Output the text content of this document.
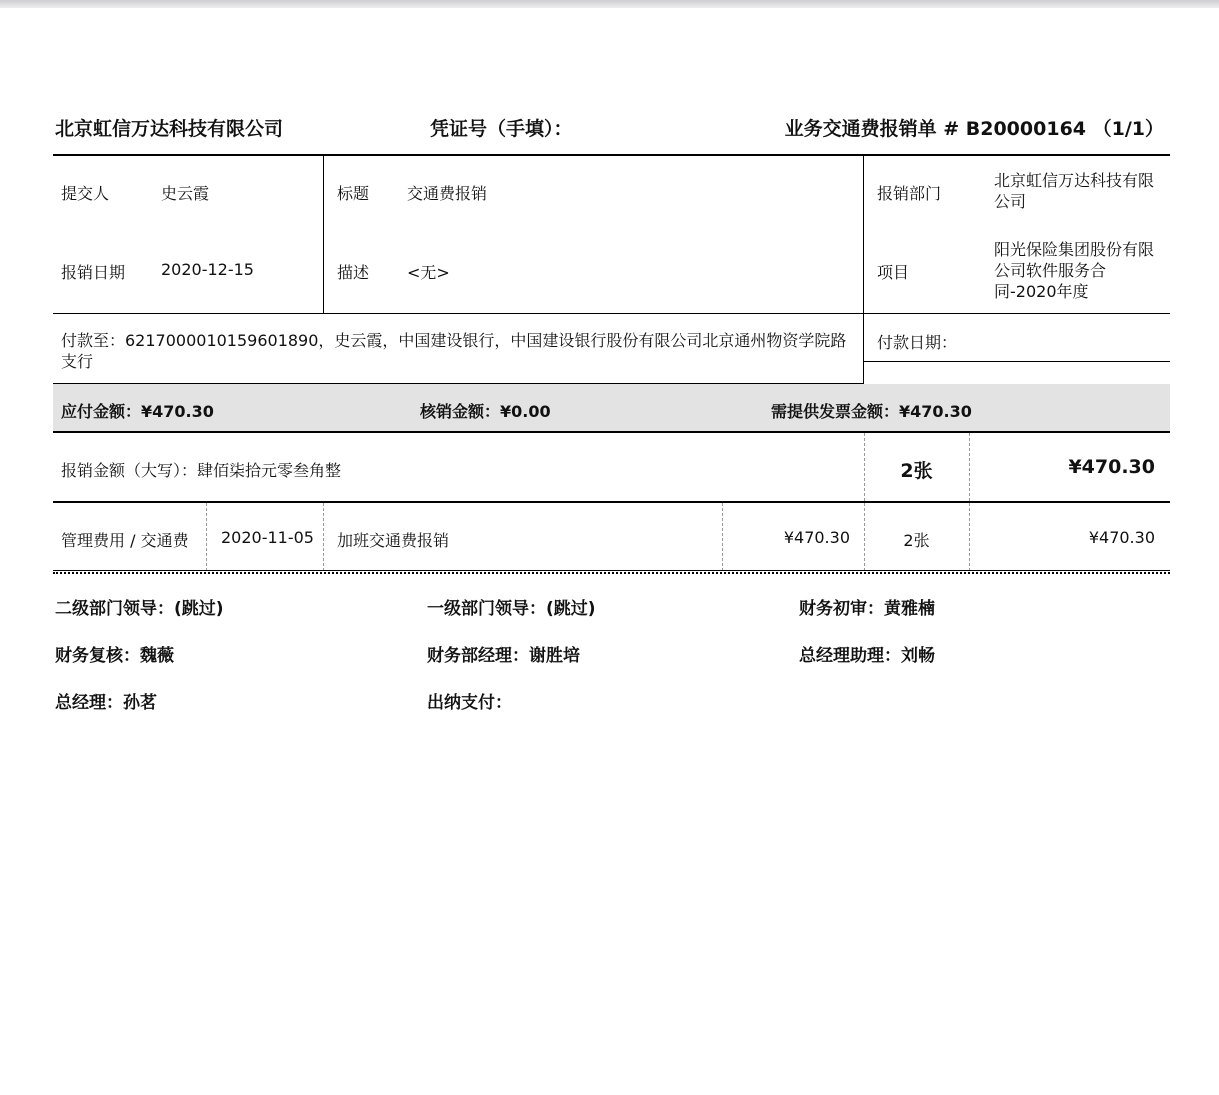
北京虹信万达科技有限公司	凭证号（手填）：	业务交通费报销单 # B20000164 （1/1）
提交人	史云霞	标题 交通费报销	报销部门
北京虹信万达科技有限公司
报销日期 2020-12-15	描述 <无>	项目
阳光保险集团股份有限公司软件服务合同-2020年度
付款至：6217000010159601890，史云霞，中国建设银行，中国建设银行股份有限公司北京通州物资学院路支行
付款日期：
应付金额：¥470.30	核销金额：¥0.00	需提供发票金额：¥470.30
报销金额（大写）：肆佰柒拾元零叁角整	2张	¥470.30
管理费用 / 交通费 2020-11-05 加班交通费报销	¥470.30	2张	¥470.30
二级部门领导：(跳过)	一级部门领导：(跳过)	财务初审：黄雅楠
财务复核：魏薇	财务部经理：谢胜培	总经理助理：刘畅
总经理：孙茗	出纳支付：
